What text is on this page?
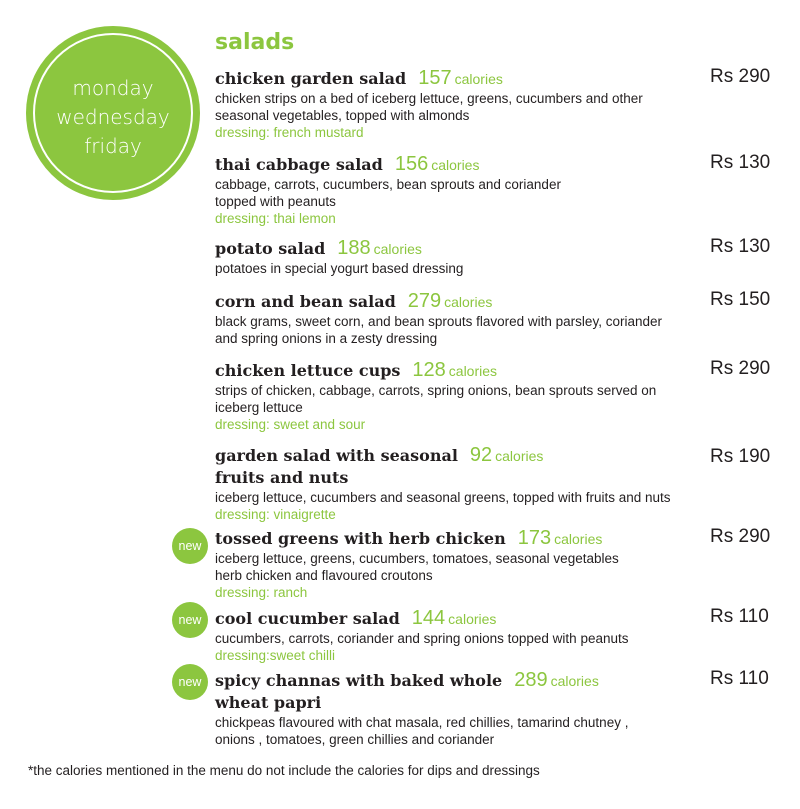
monday
wednesday
friday
salads
chicken garden salad 157 calories
chicken strips on a bed of iceberg lettuce, greens, cucumbers and other
seasonal vegetables, topped with almonds
dressing: french mustard
Rs 290
thai cabbage salad 156 calories
cabbage, carrots, cucumbers, bean sprouts and coriander
topped with peanuts
dressing: thai lemon
Rs 130
potato salad 188 calories
potatoes in special yogurt based dressing
Rs 130
corn and bean salad 279 calories
black grams, sweet corn, and bean sprouts flavored with parsley, coriander
and spring onions in a zesty dressing
Rs 150
chicken lettuce cups 128 calories
strips of chicken, cabbage, carrots, spring onions, bean sprouts served on
iceberg lettuce
dressing: sweet and sour
Rs 290
garden salad with seasonal 92 calories
fruits and nuts
iceberg lettuce, cucumbers and seasonal greens, topped with fruits and nuts
dressing: vinaigrette
Rs 190
new tossed greens with herb chicken 173 calories
iceberg lettuce, greens, cucumbers, tomatoes, seasonal vegetables
herb chicken and flavoured croutons
dressing: ranch
Rs 290
new cool cucumber salad 144 calories
cucumbers, carrots, coriander and spring onions topped with peanuts
dressing:sweet chilli
Rs 110
new spicy channas with baked whole 289 calories
wheat papri
chickpeas flavoured with chat masala, red chillies, tamarind chutney ,
onions , tomatoes, green chillies and coriander
Rs 110
*the calories mentioned in the menu do not include the calories for dips and dressings
